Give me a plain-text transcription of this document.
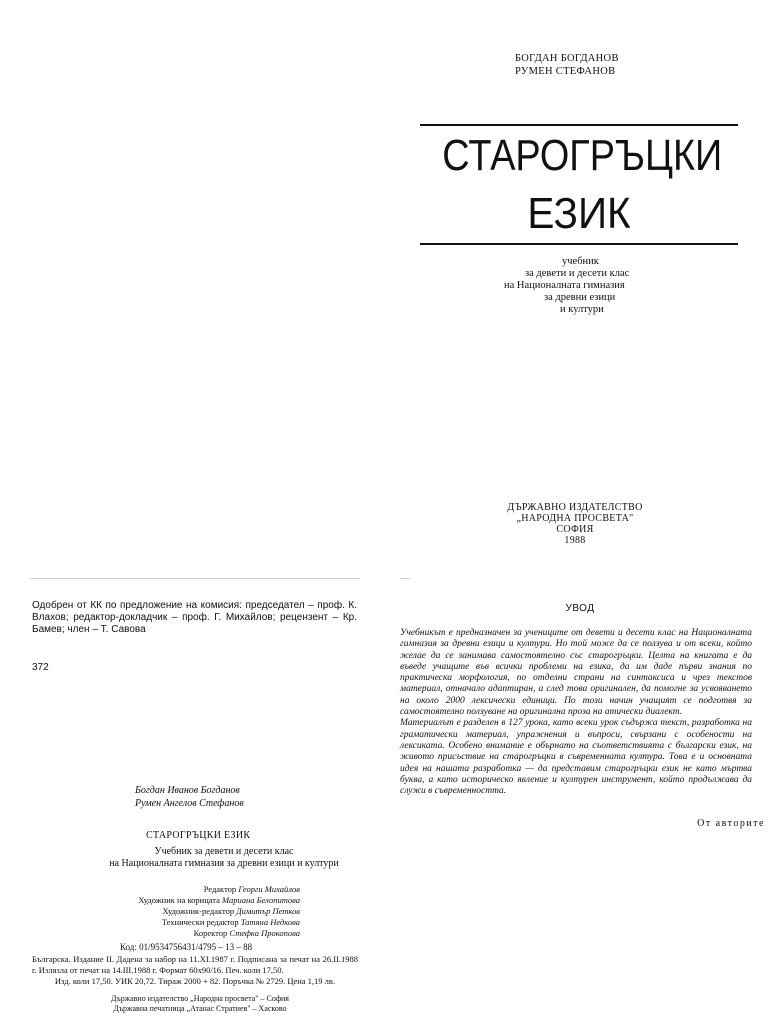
БОГДАН БОГДАНОВ
РУМЕН СТЕФАНОВ
СТАРОГРЪЦКИ
ЕЗИК
учебник
за девети и десети клас
на Националната гимназия
за древни езици
и култури
ДЪРЖАВНО ИЗДАТЕЛСТВО
„НАРОДНА ПРОСВЕТА"
СОФИЯ
1988
Одобрен от КК по предложение на комисия: председател – проф. К. Влахов; редактор-докладчик – проф. Г. Михайлов; рецензент – Кр. Бамев; член – Т. Савова
372
Богдан Иванов Богданов
Румен Ангелов Стефанов
СТАРОГРЪЦКИ ЕЗИК
Учебник за девети и десети клас
на Националната гимназия за древни езици и култури
Редактор Георги Михайлов
Художник на корицата Мариана Белопитова
Художник-редактор Димитър Петков
Технически редактор Татяна Недкова
Коректор Стефка Прокопова
Код: 01/9534756431/4795 – 13 – 88
Българска. Издание II. Дадена за набор на 11.XI.1987 г. Подписана за печат на 26.II.1988 г. Излязла от печат на 14.III.1988 г. Формат 60х90/16. Печ. коли 17,50.
Изд. коли 17,50. УИК 20,72. Тираж 2000 + 82. Поръчка № 2729. Цена 1,19 лв.
Държавно издателство „Народна просвета" – София
Държавна печатница „Атанас Стратиев" – Хасково
УВОД

Учебникът е предназначен за учениците от девети и десети клас на Националната гимназия за древни езици и култури. Но той може да се ползува и от всеки, който желае да се занимава самостоятелно със старогръцки. Целта на книгата е да въведе учащите във всички проблеми на езика, да им даде първи знания по практическа морфология, по отделни страни на синтаксиса и чрез текстов материал, отначало адаптиран, а след това оригинален, да помогне за усвояването на около 2000 лексически единици. По този начин учащият се подготвя за самостоятелно ползуване на оригинална проза на атически диалект.

Материалът е разделен в 127 урока, като всеки урок съдържа текст, разработка на граматически материал, упражнения и въпроси, свързани с особености на лексиката. Особено внимание е обърнато на съответствията с български език, на живото присъствие на старогръцки в съвременната култура. Това е и основната идея на нашата разработка — да представим старогръцки език не като мъртва буква, а като историческо явление и културен инструмент, който продължава да служи в съвременността.

От авторите
